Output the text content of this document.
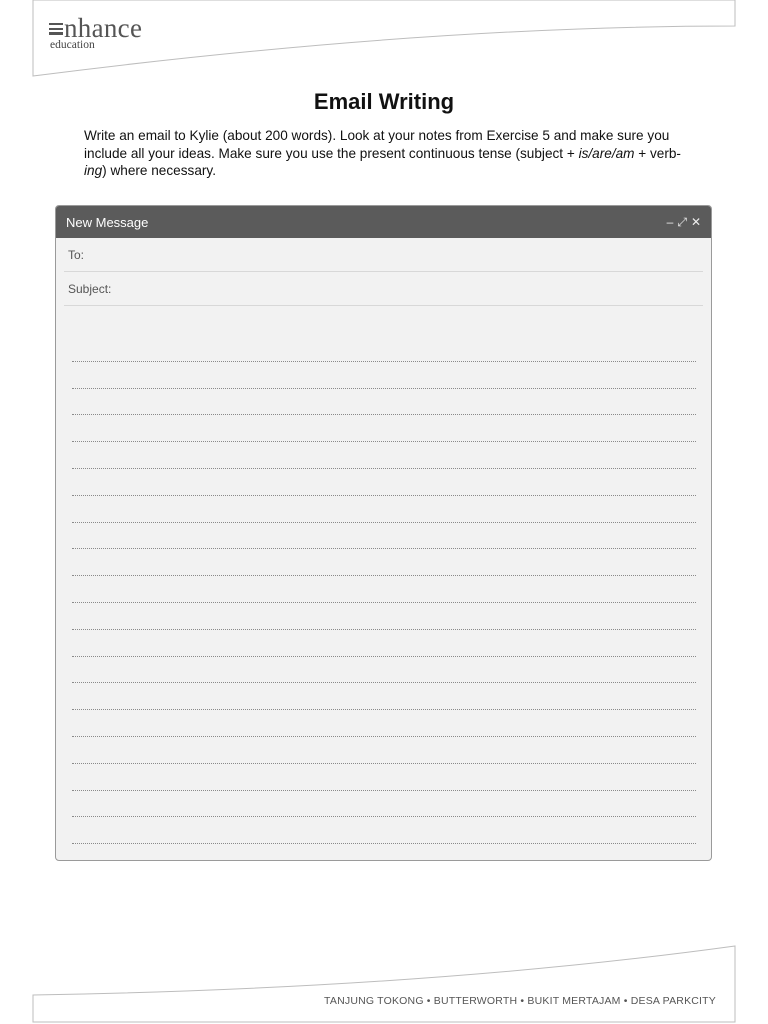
nhance
education
Email Writing
Write an email to Kylie (about 200 words). Look at your notes from Exercise 5 and make sure you include all your ideas. Make sure you use the present continuous tense (subject + is/are/am + verb-ing) where necessary.
New Message	– ⤢ ✕
To:
Subject:
TANJUNG TOKONG • BUTTERWORTH • BUKIT MERTAJAM • DESA PARKCITY
